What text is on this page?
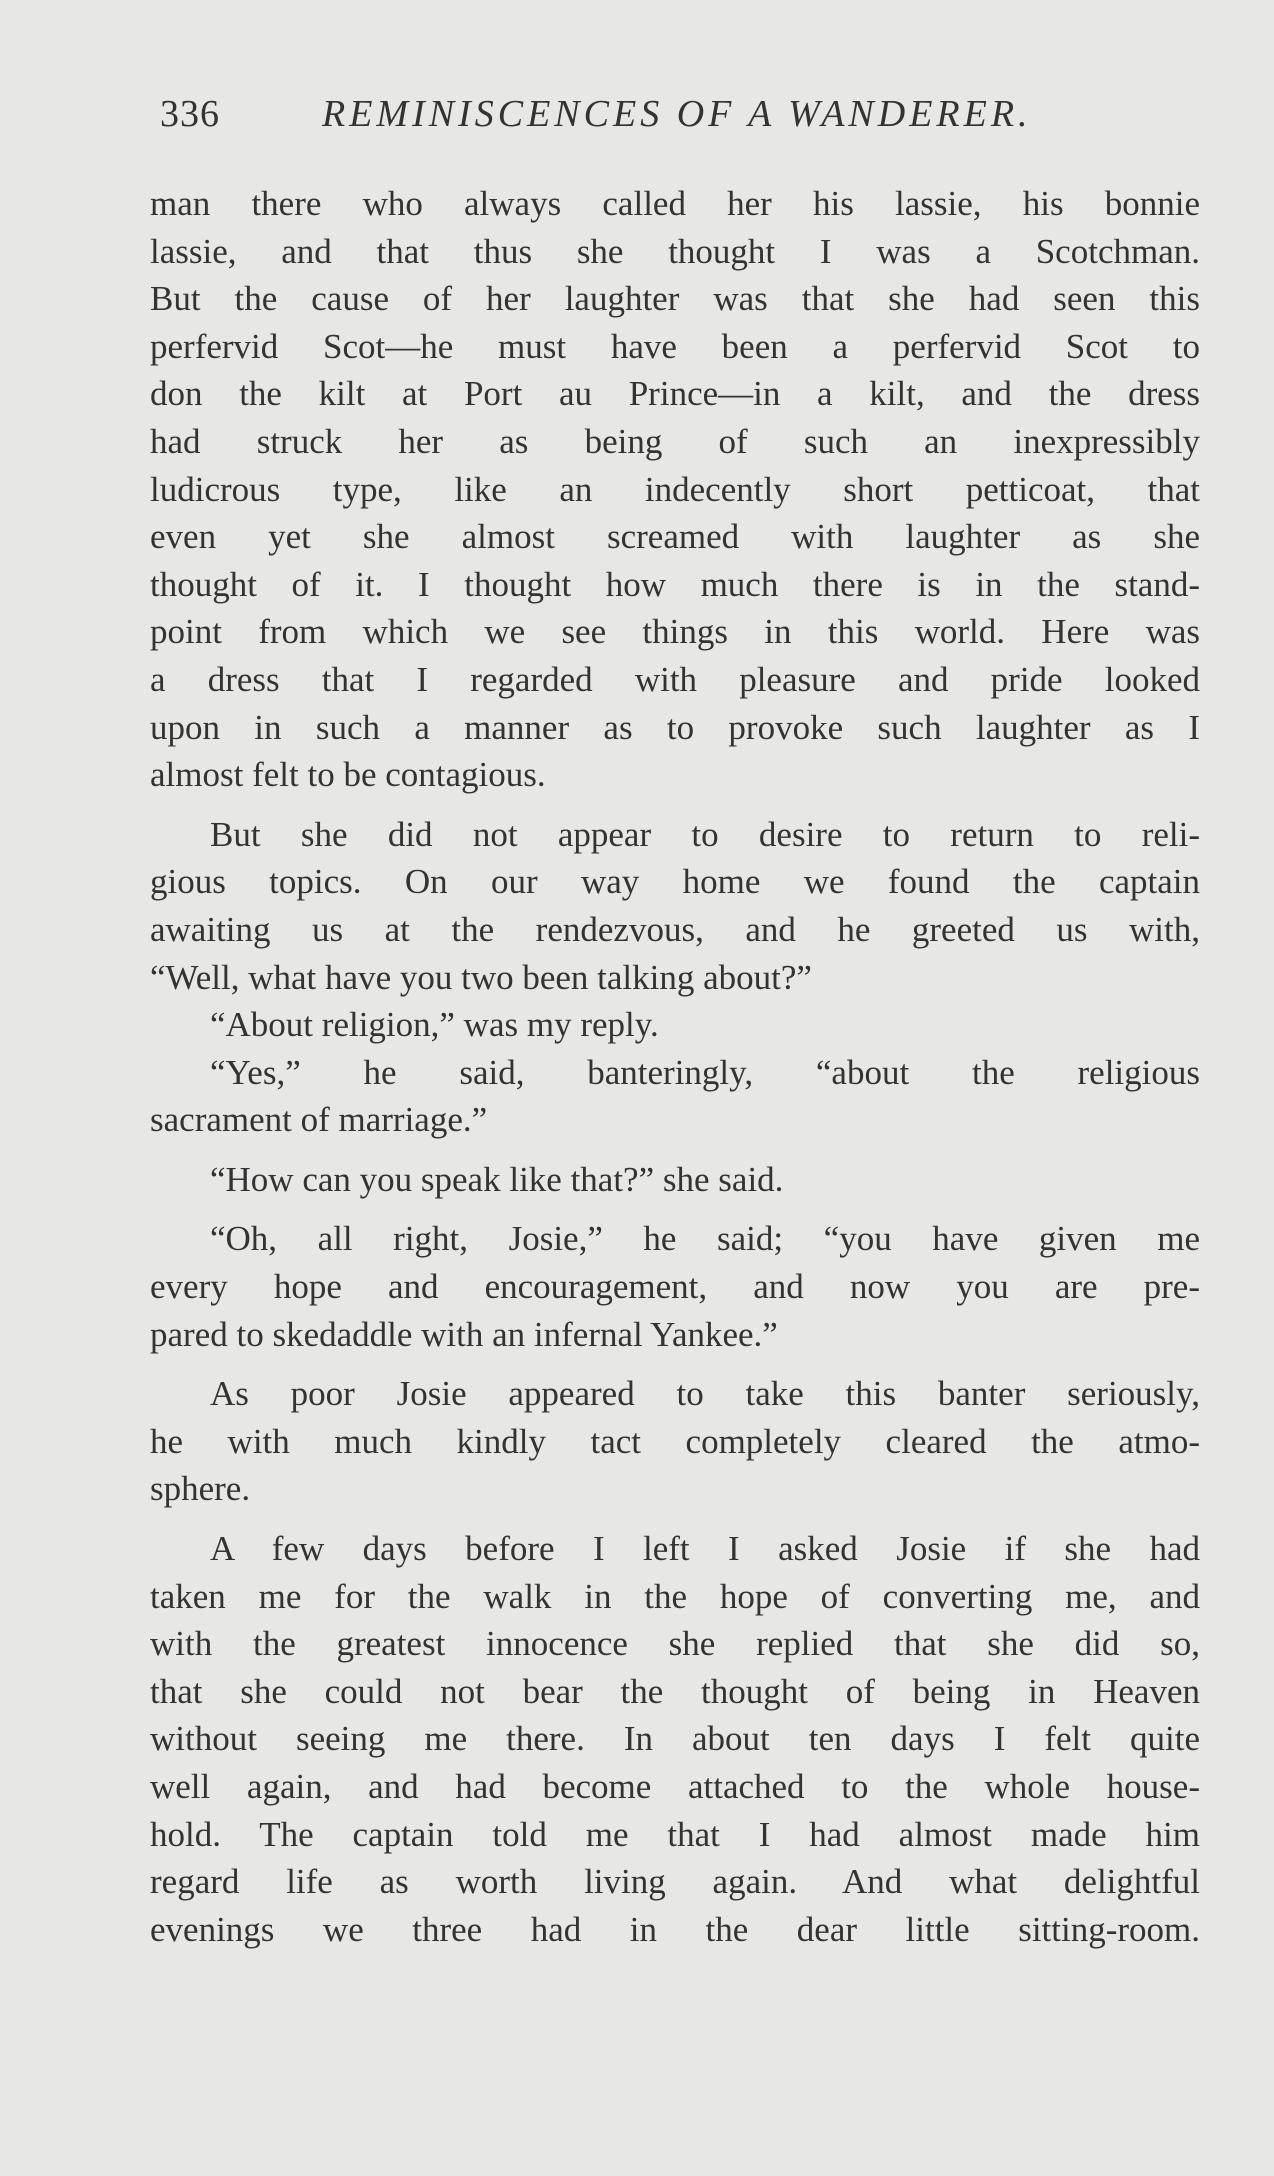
336	REMINISCENCES OF A WANDERER.
man there who always called her his lassie, his bonnie
lassie, and that thus she thought I was a Scotchman.
But the cause of her laughter was that she had seen this
perfervid Scot—he must have been a perfervid Scot to
don the kilt at Port au Prince—in a kilt, and the dress
had struck her as being of such an inexpressibly
ludicrous type, like an indecently short petticoat, that
even yet she almost screamed with laughter as she
thought of it. I thought how much there is in the stand-
point from which we see things in this world. Here was
a dress that I regarded with pleasure and pride looked
upon in such a manner as to provoke such laughter as I
almost felt to be contagious.
But she did not appear to desire to return to reli-
gious topics. On our way home we found the captain
awaiting us at the rendezvous, and he greeted us with,
“Well, what have you two been talking about?”
“About religion,” was my reply.
“Yes,” he said, banteringly, “about the religious
sacrament of marriage.”
“How can you speak like that?” she said.
“Oh, all right, Josie,” he said; “you have given me
every hope and encouragement, and now you are pre-
pared to skedaddle with an infernal Yankee.”
As poor Josie appeared to take this banter seriously,
he with much kindly tact completely cleared the atmo-
sphere.
A few days before I left I asked Josie if she had
taken me for the walk in the hope of converting me, and
with the greatest innocence she replied that she did so,
that she could not bear the thought of being in Heaven
without seeing me there. In about ten days I felt quite
well again, and had become attached to the whole house-
hold. The captain told me that I had almost made him
regard life as worth living again. And what delightful
evenings we three had in the dear little sitting-room.
